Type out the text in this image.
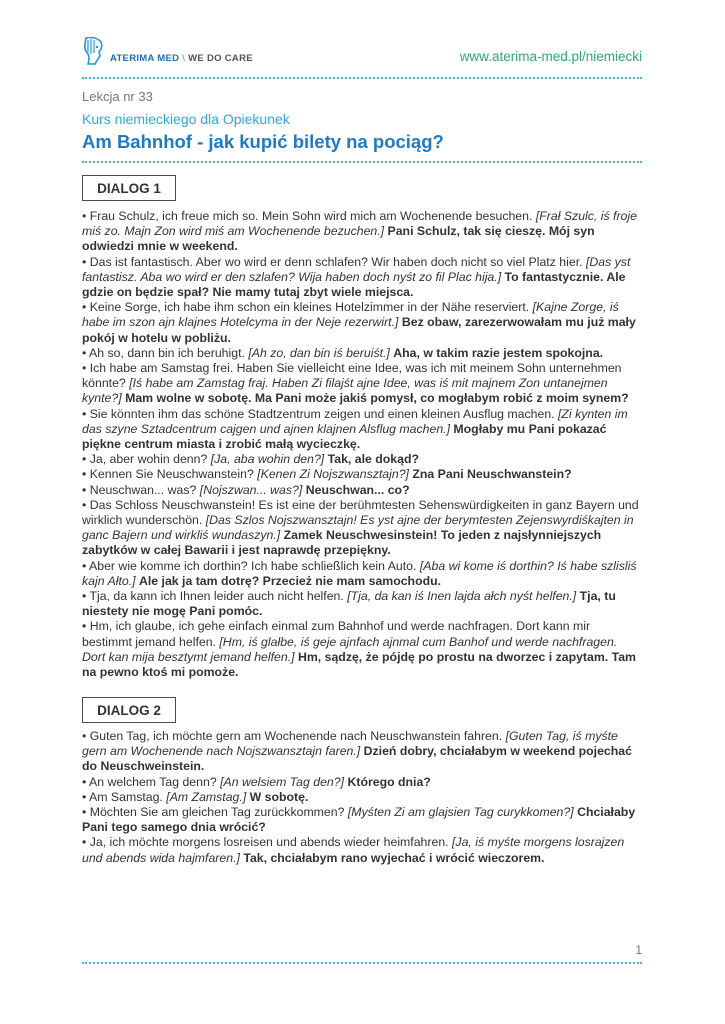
ATERIMA MED \ WE DO CARE	www.aterima-med.pl/niemiecki
Lekcja nr 33
Kurs niemieckiego dla Opiekunek
Am Bahnhof - jak kupić bilety na pociąg?
DIALOG 1

• Frau Schulz, ich freue mich so. Mein Sohn wird mich am Wochenende besuchen. [Frał Szulc, iś froje miś zo. Majn Zon wird miś am Wochenende bezuchen.] Pani Schulz, tak się cieszę. Mój syn odwiedzi mnie w weekend.

• Das ist fantastisch. Aber wo wird er denn schlafen? Wir haben doch nicht so viel Platz hier. [Das yst fantastisz. Aba wo wird er den szlafen? Wija haben doch nyśt zo fil Plac hija.] To fantastycznie. Ale gdzie on będzie spał? Nie mamy tutaj zbyt wiele miejsca.

• Keine Sorge, ich habe ihm schon ein kleines Hotelzimmer in der Nähe reserviert. [Kajne Zorge, iś habe im szon ajn klajnes Hotelcyma in der Neje rezerwirt.] Bez obaw, zarezerwowałam mu już mały pokój w hotelu w pobliżu.

• Ah so, dann bin ich beruhigt. [Ah zo, dan bin iś beruiśt.] Aha, w takim razie jestem spokojna.

• Ich habe am Samstag frei. Haben Sie vielleicht eine Idee, was ich mit meinem Sohn unternehmen könnte? [Iś habe am Zamstag fraj. Haben Zi filajśt ajne Idee, was iś mit majnem Zon untanejmen kynte?] Mam wolne w sobotę. Ma Pani może jakiś pomysł, co mogłabym robić z moim synem?

• Sie könnten ihm das schöne Stadtzentrum zeigen und einen kleinen Ausflug machen. [Zi kynten im das szyne Sztadcentrum cajgen und ajnen klajnen Alsflug machen.] Mogłaby mu Pani pokazać piękne centrum miasta i zrobić małą wycieczkę.

• Ja, aber wohin denn? [Ja, aba wohin den?] Tak, ale dokąd?

• Kennen Sie Neuschwanstein? [Kenen Zi Nojszwansztajn?] Zna Pani Neuschwanstein?

• Neuschwan... was? [Nojszwan... was?] Neuschwan... co?

• Das Schloss Neuschwanstein! Es ist eine der berühmtesten Sehenswürdigkeiten in ganz Bayern und wirklich wunderschön. [Das Szlos Nojszwansztajn! Es yst ajne der berymtesten Zejenswyrdiśkajten in ganc Bajern und wirkliś wundaszyn.] Zamek Neuschwesinstein! To jeden z najsłynniejszych zabytków w całej Bawarii i jest naprawdę przepiękny.

• Aber wie komme ich dorthin? Ich habe schließlich kein Auto. [Aba wi kome iś dorthin? Iś habe szlisliś kajn Ałto.] Ale jak ja tam dotrę? Przecież nie mam samochodu.

• Tja, da kann ich Ihnen leider auch nicht helfen. [Tja, da kan iś Inen lajda ałch nyśt helfen.] Tja, tu niestety nie mogę Pani pomóc.

• Hm, ich glaube, ich gehe einfach einmal zum Bahnhof und werde nachfragen. Dort kann mir bestimmt jemand helfen. [Hm, iś glałbe, iś geje ajnfach ajnmal cum Banhof und werde nachfragen. Dort kan mija besztymt jemand helfen.] Hm, sądzę, że pójdę po prostu na dworzec i zapytam. Tam na pewno ktoś mi pomoże.

DIALOG 2

• Guten Tag, ich möchte gern am Wochenende nach Neuschwanstein fahren. [Guten Tag, iś myśte gern am Wochenende nach Nojszwansztajn faren.] Dzień dobry, chciałabym w weekend pojechać do Neuschweinstein.

• An welchem Tag denn? [An welsiem Tag den?] Którego dnia?

• Am Samstag. [Am Zamstag.] W sobotę.

• Möchten Sie am gleichen Tag zurückkommen? [Myśten Zi am glajsien Tag curykkomen?] Chciałaby Pani tego samego dnia wrócić?

• Ja, ich möchte morgens losreisen und abends wieder heimfahren. [Ja, iś myśte morgens losrajzen und abends wida hajmfaren.] Tak, chciałabym rano wyjechać i wrócić wieczorem.

1
